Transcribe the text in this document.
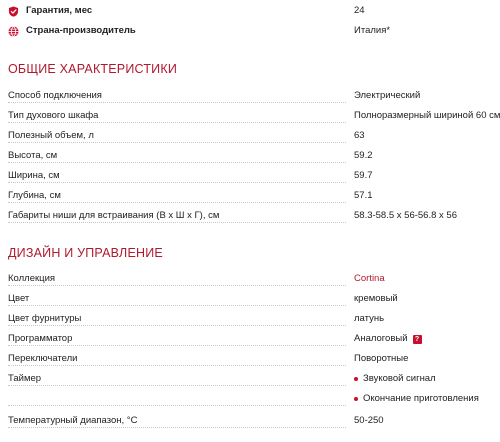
Гарантия, мес	24
Страна-производитель	Италия*
ОБЩИЕ ХАРАКТЕРИСТИКИ
Способ подключения	Электрический
Тип духового шкафа	Полноразмерный шириной 60 см
Полезный объем, л	63
Высота, см	59.2
Ширина, см	59.7
Глубина, см	57.1
Габариты ниши для встраивания (В х Ш х Г), см	58.3-58.5 x 56-56.8 x 56
ДИЗАЙН И УПРАВЛЕНИЕ
Коллекция	Cortina
Цвет	кремовый
Цвет фурнитуры	латунь
Программатор	Аналоговый	?
Переключатели	Поворотные
Таймер	Звуковой сигнал
Окончание приготовления
Температурный диапазон, °C	50-250
